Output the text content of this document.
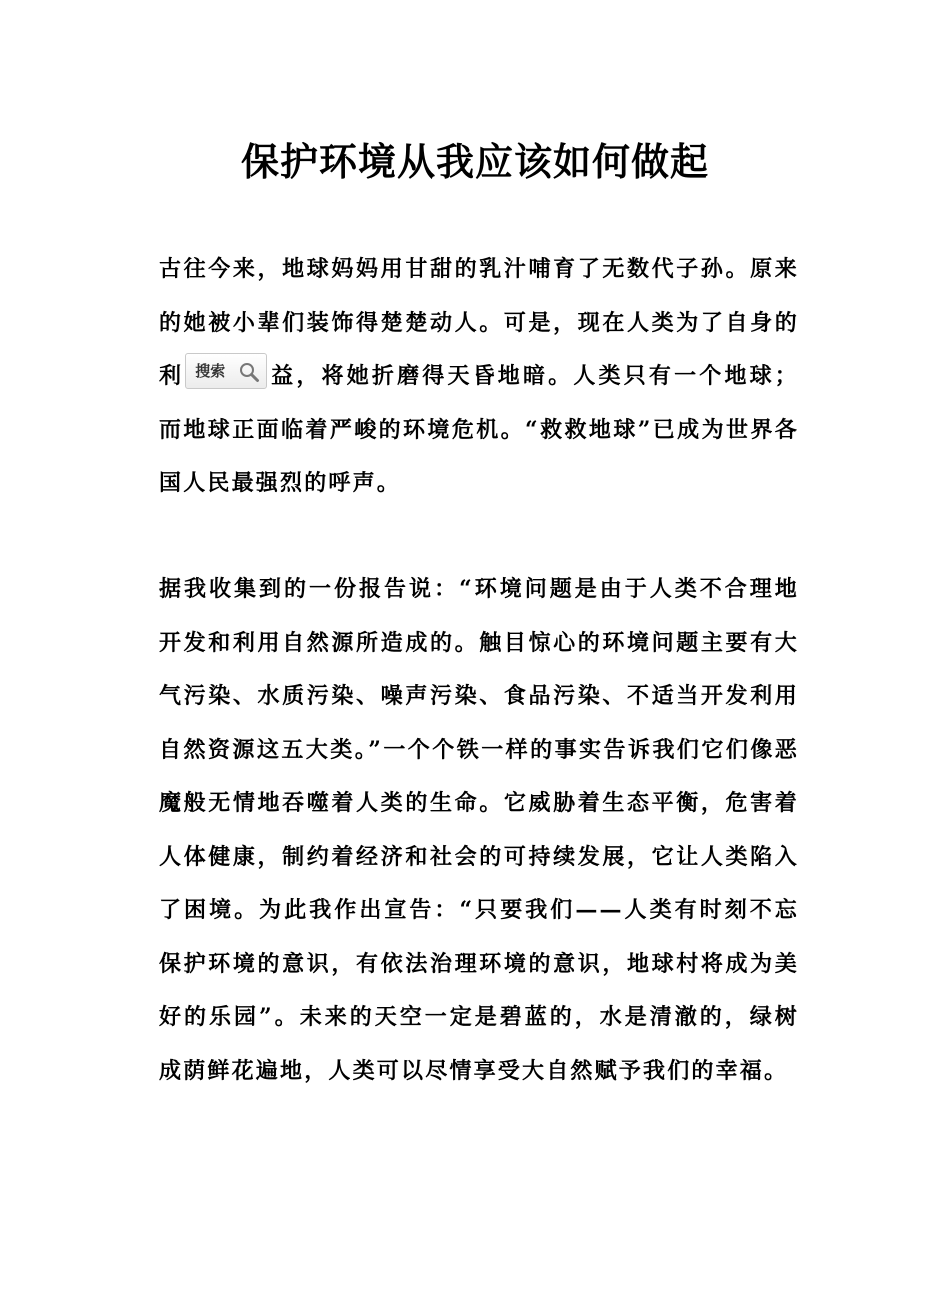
保护环境从我应该如何做起

古往今来，地球妈妈用甘甜的乳汁哺育了无数代子孙。原来的她被小辈们装饰得楚楚动人。可是，现在人类为了自身的利 搜索 益，将她折磨得天昏地暗。人类只有一个地球；而地球正面临着严峻的环境危机。“救救地球”已成为世界各国人民最强烈的呼声。

据我收集到的一份报告说：“环境问题是由于人类不合理地开发和利用自然源所造成的。触目惊心的环境问题主要有大气污染、水质污染、噪声污染、食品污染、不适当开发利用自然资源这五大类。”一个个铁一样的事实告诉我们它们像恶魔般无情地吞噬着人类的生命。它威胁着生态平衡，危害着人体健康，制约着经济和社会的可持续发展，它让人类陷入了困境。为此我作出宣告：“只要我们——人类有时刻不忘保护环境的意识，有依法治理环境的意识，地球村将成为美好的乐园”。未来的天空一定是碧蓝的，水是清澈的，绿树成荫鲜花遍地，人类可以尽情享受大自然赋予我们的幸福。
